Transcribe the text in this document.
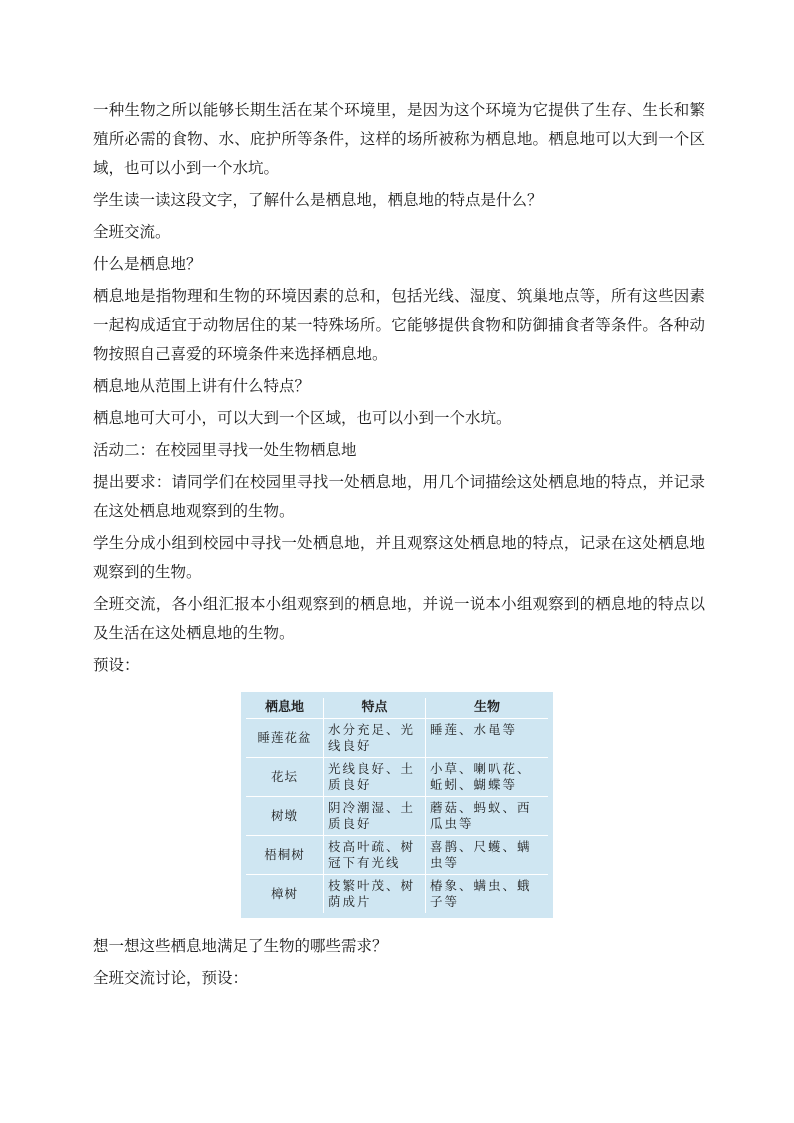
一种生物之所以能够长期生活在某个环境里，是因为这个环境为它提供了生存、生长和繁殖所必需的食物、水、庇护所等条件，这样的场所被称为栖息地。栖息地可以大到一个区域，也可以小到一个水坑。

学生读一读这段文字，了解什么是栖息地，栖息地的特点是什么？

全班交流。

什么是栖息地？

栖息地是指物理和生物的环境因素的总和，包括光线、湿度、筑巢地点等，所有这些因素一起构成适宜于动物居住的某一特殊场所。它能够提供食物和防御捕食者等条件。各种动物按照自己喜爱的环境条件来选择栖息地。

栖息地从范围上讲有什么特点？

栖息地可大可小，可以大到一个区域，也可以小到一个水坑。

活动二：在校园里寻找一处生物栖息地

提出要求：请同学们在校园里寻找一处栖息地，用几个词描绘这处栖息地的特点，并记录在这处栖息地观察到的生物。

学生分成小组到校园中寻找一处栖息地，并且观察这处栖息地的特点，记录在这处栖息地观察到的生物。

全班交流，各小组汇报本小组观察到的栖息地，并说一说本小组观察到的栖息地的特点以及生活在这处栖息地的生物。

预设：

栖息地	特点	生物
睡莲花盆	水分充足、光线良好	睡莲、水黾等
花坛	光线良好、土质良好	小草、喇叭花、蚯蚓、蝴蝶等
树墩	阴冷潮湿、土质良好	蘑菇、蚂蚁、西瓜虫等
梧桐树	枝高叶疏、树冠下有光线	喜鹊、尺蠖、螨虫等
樟树	枝繁叶茂、树荫成片	椿象、螨虫、蛾子等

想一想这些栖息地满足了生物的哪些需求？

全班交流讨论，预设：
